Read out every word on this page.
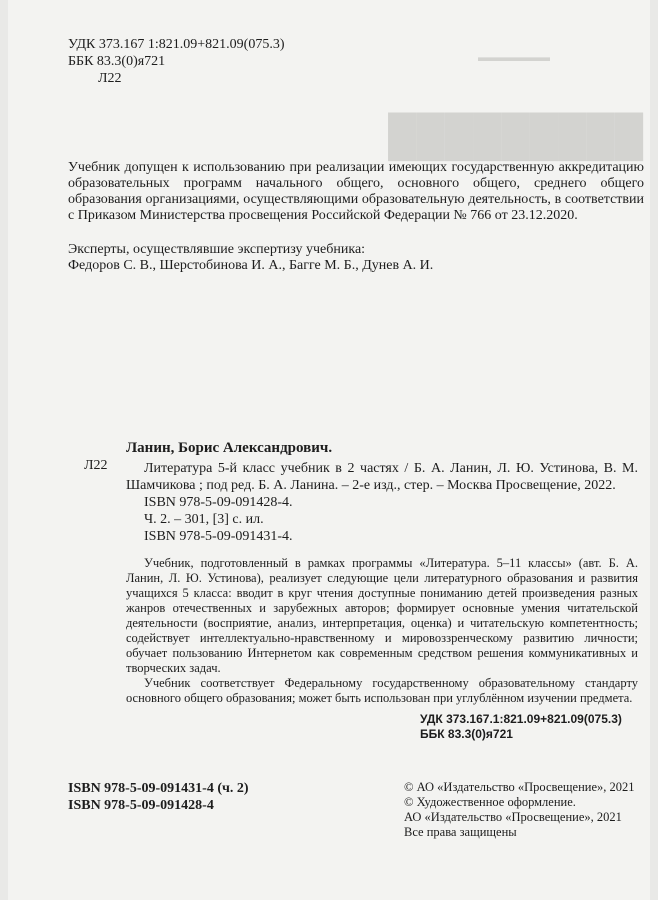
█████████
▬▬▬▬▬▬
УДК 373.167 1:821.09+821.09(075.3)
ББК 83.3(0)я721
Л22
Учебник допущен к использованию при реализации имеющих государственную аккредитацию образовательных программ начального общего, основного общего, среднего общего образования организациями, осуществляющими образовательную деятельность, в соответствии с Приказом Министерства просвещения Российской Федерации № 766 от 23.12.2020.
Эксперты, осуществлявшие экспертизу учебника:
Федоров С. В., Шерстобинова И. А., Багге М. Б., Дунев А. И.
Л22
Ланин, Борис Александрович.
Литература 5-й класс учебник в 2 частях / Б. А. Ланин, Л. Ю. Устинова, В. М. Шамчикова ; под ред. Б. А. Ланина. – 2-е изд., стер. – Москва Просвещение, 2022.
ISBN 978-5-09-091428-4.
Ч. 2. – 301, [3] с. ил.
ISBN 978-5-09-091431-4.

Учебник, подготовленный в рамках программы «Литература. 5–11 классы» (авт. Б. А. Ланин, Л. Ю. Устинова), реализует следующие цели литературного образования и развития учащихся 5 класса: вводит в круг чтения доступные пониманию детей произведения разных жанров отечественных и зарубежных авторов; формирует основные умения читательской деятельности (восприятие, анализ, интерпретация, оценка) и читательскую компетентность; содействует интеллектуально-нравственному и мировоззренческому развитию личности; обучает пользованию Интернетом как современным средством решения коммуникативных и творческих задач.

Учебник соответствует Федеральному государственному образовательному стандарту основного общего образования; может быть использован при углублённом изучении предмета.

УДК 373.167.1:821.09+821.09(075.3)
ББК 83.3(0)я721
ISBN 978-5-09-091431-4 (ч. 2)
ISBN 978-5-09-091428-4
© АО «Издательство «Просвещение», 2021
© Художественное оформление.
АО «Издательство «Просвещение», 2021
Все права защищены
